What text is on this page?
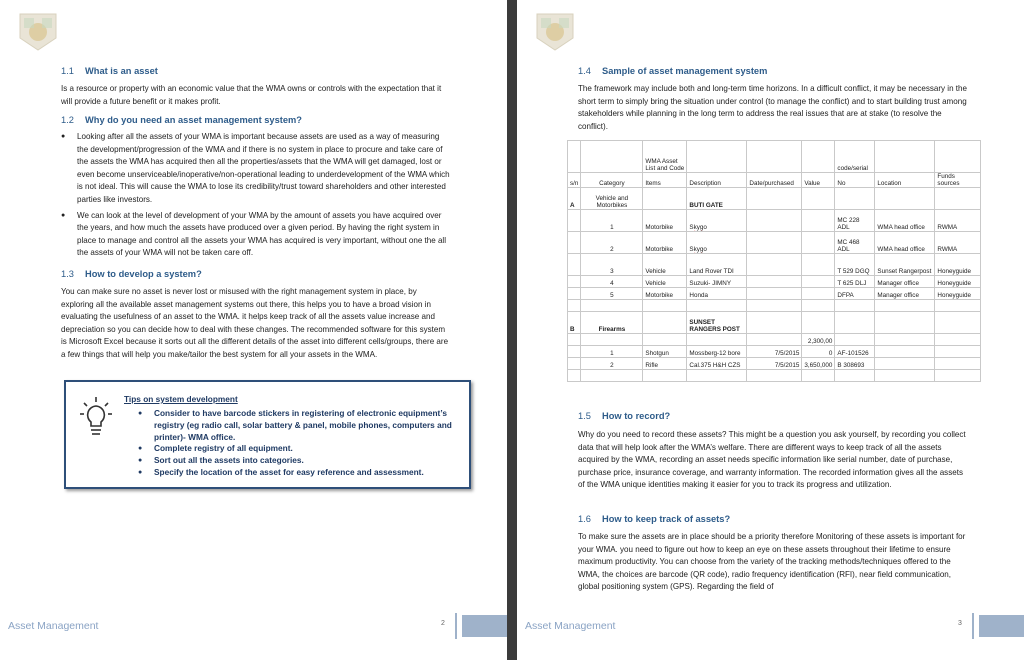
1.1 What is an asset
Is a resource or property with an economic value that the WMA owns or controls with the expectation that it will provide a future benefit or it makes profit.
1.2 Why do you need an asset management system?
● Looking after all the assets of your WMA is important because assets are used as a way of measuring the development/progression of the WMA and if there is no system in place to procure and take care of the assets the WMA has acquired then all the properties/assets that the WMA will get damaged, lost or even become unserviceable/inoperative/non-operational leading to underdevelopment of the WMA which is not ideal. This will cause the WMA to lose its credibility/trust toward shareholders and other interested parties like investors.
● We can look at the level of development of your WMA by the amount of assets you have acquired over the years, and how much the assets have produced over a given period. By having the right system in place to manage and control all the assets your WMA has acquired is very important, without one the all the assets of your WMA will not be taken care off.
1.3 How to develop a system?
You can make sure no asset is never lost or misused with the right management system in place, by exploring all the available asset management systems out there, this helps you to have a broad vision in evaluating the usefulness of an asset to the WMA. it helps keep track of all the assets value increase and depreciation so you can decide how to deal with these changes. The recommended software for this system is Microsoft Excel because it sorts out all the different details of the asset into different cells/groups, there are a few things that will help you make/tailor the best system for all your assets in the WMA.
Tips on system development
● Consider to have barcode stickers in registering of electronic equipment’s registry (eg radio call, solar battery & panel, mobile phones, computers and printer)- WMA office.
● Complete registry of all equipment.
● Sort out all the assets into categories.
● Specify the location of the asset for easy reference and assessment.
Asset Management	2
1.4 Sample of asset management system
The framework may include both and long-term time horizons. In a difficult conflict, it may be necessary in the short term to simply bring the situation under control (to manage the conflict) and to start building trust among stakeholders while planning in the long term to address the real issues that are at stake (to resolve the conflict).
		WMA Asset List and Code				code/serial		
s/n	Category	Items	Description	Date/purchased	Value	No	Location	Funds sources
A	Vehicle and Motorbikes		BUTI GATE					
	1	Motorbike	Skygo			MC 228 ADL	WMA head office	RWMA
	2	Motorbike	Skygo			MC 468 ADL	WMA head office	RWMA
	3	Vehicle	Land Rover TDI			T 529 DGQ	Sunset Rangerpost	Honeyguide
	4	Vehicle	Suzuki- JIMNY			T 625 DLJ	Manager office	Honeyguide
	5	Motorbike	Honda			DFPA	Manager office	Honeyguide

B	Firearms		SUNSET RANGERS POST					
					2,300,00			
	1	Shotgun	Mossberg-12 bore	7/5/2015	0	AF-101526		
	2	Rifle	Cal.375 H&H CZS	7/5/2015	3,650,000	B 308693		

1.5 How to record?
Why do you need to record these assets? This might be a question you ask yourself, by recording you collect data that will help look after the WMA’s welfare. There are different ways to keep track of all the assets acquired by the WMA, recording an asset needs specific information like serial number, date of purchase, purchase price, insurance coverage, and warranty information. The recorded information gives all the assets of the WMA unique identities making it easier for you to track its progress and utilization.
1.6 How to keep track of assets?
To make sure the assets are in place should be a priority therefore Monitoring of these assets is important for your WMA. you need to figure out how to keep an eye on these assets throughout their lifetime to ensure maximum productivity. You can choose from the variety of the tracking methods/techniques offered to the WMA, the choices are barcode (QR code), radio frequency identification (RFI), near field communication, global positioning system (GPS). Regarding the field of
Asset Management	3
